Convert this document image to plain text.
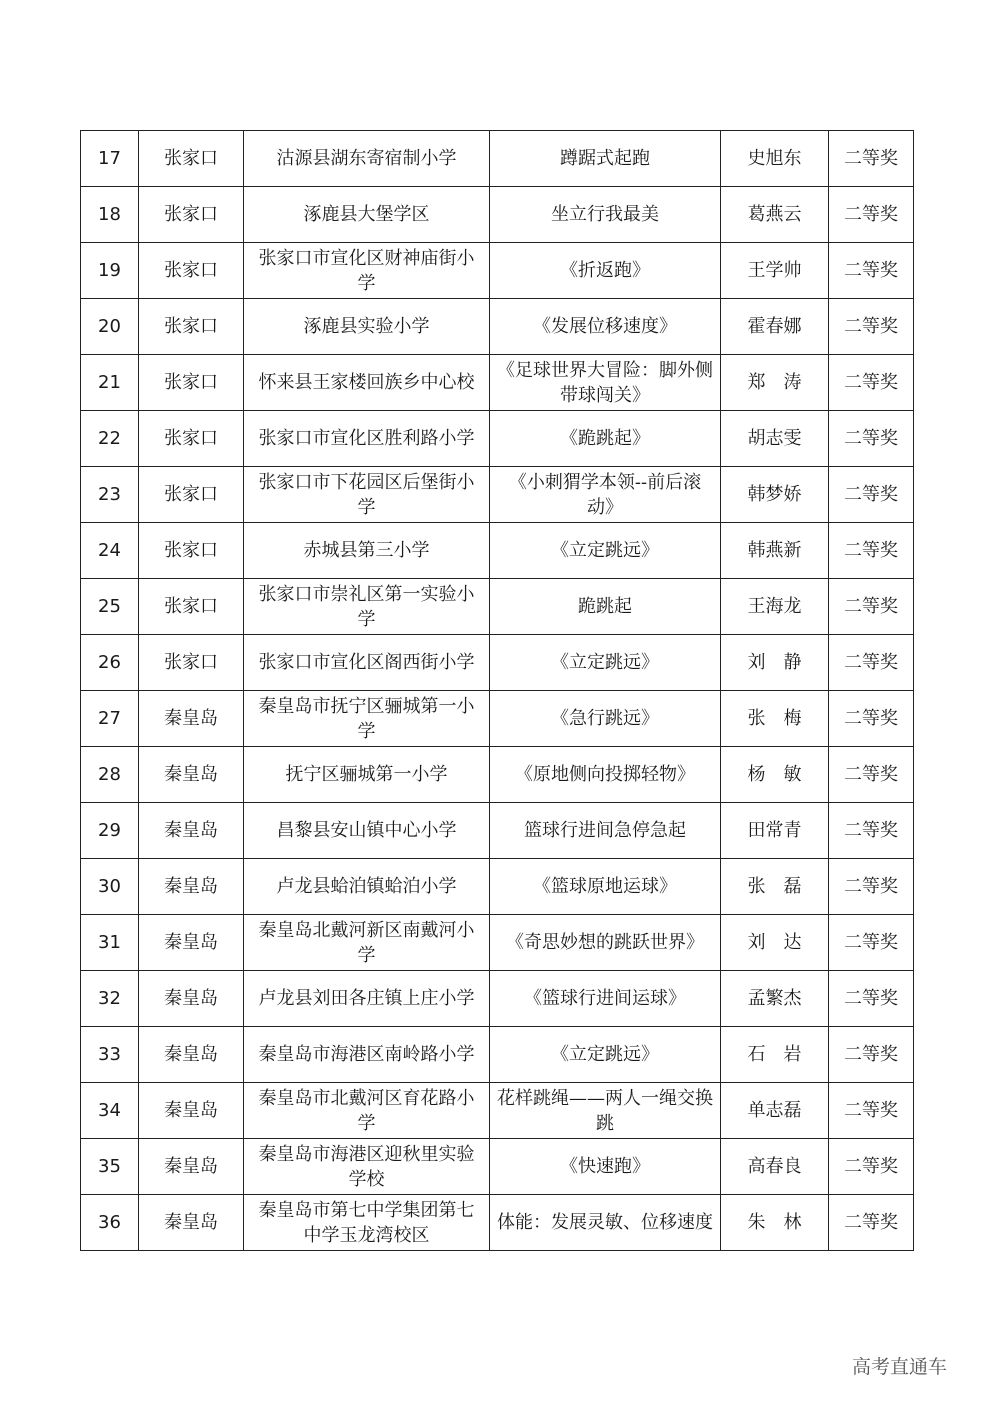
17	张家口	沽源县湖东寄宿制小学	蹲踞式起跑	史旭东	二等奖
18	张家口	涿鹿县大堡学区	坐立行我最美	葛燕云	二等奖
19	张家口	张家口市宣化区财神庙街小学	《折返跑》	王学帅	二等奖
20	张家口	涿鹿县实验小学	《发展位移速度》	霍春娜	二等奖
21	张家口	怀来县王家楼回族乡中心校	《足球世界大冒险：脚外侧带球闯关》	郑　涛	二等奖
22	张家口	张家口市宣化区胜利路小学	《跪跳起》	胡志雯	二等奖
23	张家口	张家口市下花园区后堡街小学	《小刺猬学本领--前后滚动》	韩梦娇	二等奖
24	张家口	赤城县第三小学	《立定跳远》	韩燕新	二等奖
25	张家口	张家口市崇礼区第一实验小学	跪跳起	王海龙	二等奖
26	张家口	张家口市宣化区阁西街小学	《立定跳远》	刘　静	二等奖
27	秦皇岛	秦皇岛市抚宁区骊城第一小学	《急行跳远》	张　梅	二等奖
28	秦皇岛	抚宁区骊城第一小学	《原地侧向投掷轻物》	杨　敏	二等奖
29	秦皇岛	昌黎县安山镇中心小学	篮球行进间急停急起	田常青	二等奖
30	秦皇岛	卢龙县蛤泊镇蛤泊小学	《篮球原地运球》	张　磊	二等奖
31	秦皇岛	秦皇岛北戴河新区南戴河小学	《奇思妙想的跳跃世界》	刘　达	二等奖
32	秦皇岛	卢龙县刘田各庄镇上庄小学	《篮球行进间运球》	孟繁杰	二等奖
33	秦皇岛	秦皇岛市海港区南岭路小学	《立定跳远》	石　岩	二等奖
34	秦皇岛	秦皇岛市北戴河区育花路小学	花样跳绳——两人一绳交换跳	单志磊	二等奖
35	秦皇岛	秦皇岛市海港区迎秋里实验学校	《快速跑》	高春良	二等奖
36	秦皇岛	秦皇岛市第七中学集团第七中学玉龙湾校区	体能：发展灵敏、位移速度	朱　林	二等奖
高考直通车
